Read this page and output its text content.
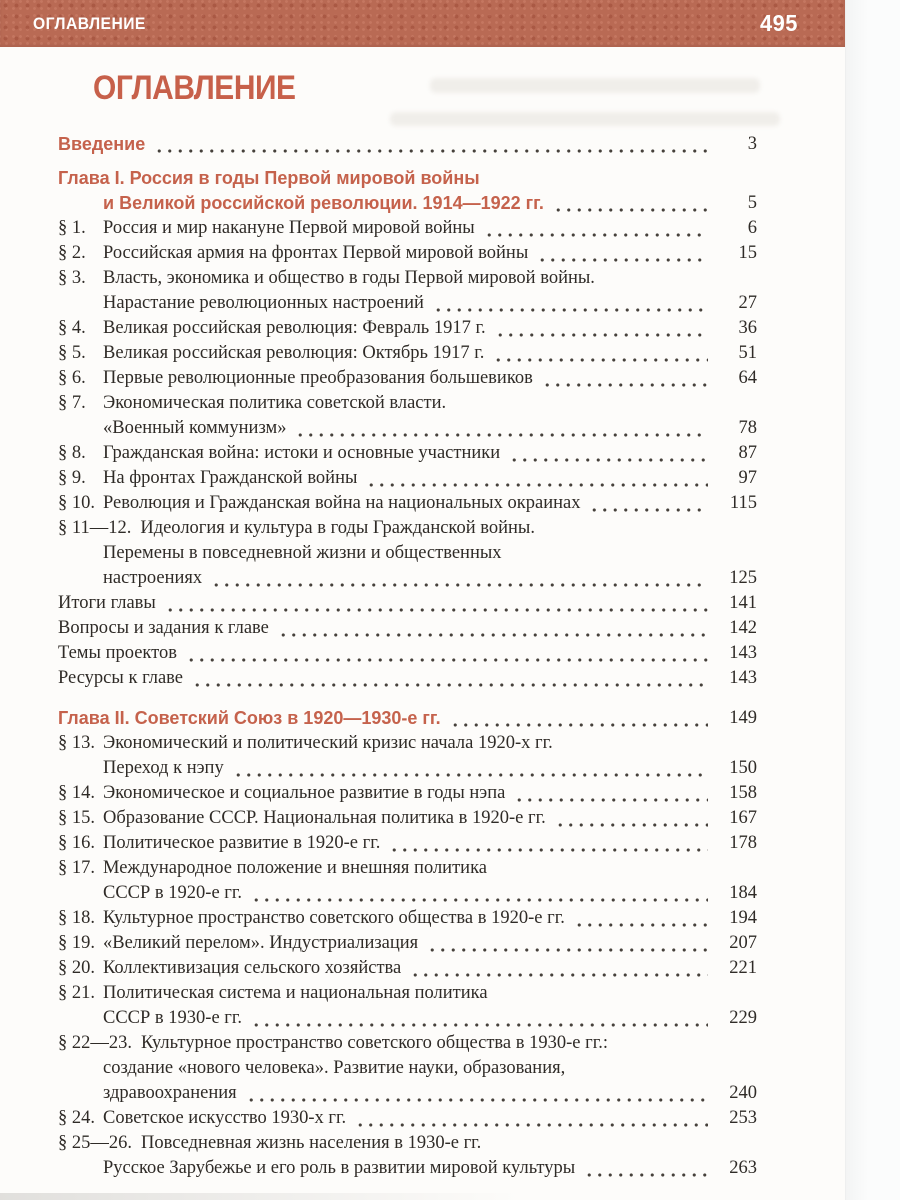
ОГЛАВЛЕНИЕ	495
ОГЛАВЛЕНИЕ
Введение	3
Глава I. Россия в годы Первой мировой войны
и Великой российской революции. 1914—1922 гг.	5
§ 1. Россия и мир накануне Первой мировой войны	6
§ 2. Российская армия на фронтах Первой мировой войны	15
§ 3. Власть, экономика и общество в годы Первой мировой войны.
Нарастание революционных настроений	27
§ 4. Великая российская революция: Февраль 1917 г.	36
§ 5. Великая российская революция: Октябрь 1917 г.	51
§ 6. Первые революционные преобразования большевиков	64
§ 7. Экономическая политика советской власти.
«Военный коммунизм»	78
§ 8. Гражданская война: истоки и основные участники	87
§ 9. На фронтах Гражданской войны	97
§ 10. Революция и Гражданская война на национальных окраинах	115
§ 11—12. Идеология и культура в годы Гражданской войны.
Перемены в повседневной жизни и общественных
настроениях	125
Итоги главы	141
Вопросы и задания к главе	142
Темы проектов	143
Ресурсы к главе	143
Глава II. Советский Союз в 1920—1930-е гг.	149
§ 13. Экономический и политический кризис начала 1920-х гг.
Переход к нэпу	150
§ 14. Экономическое и социальное развитие в годы нэпа	158
§ 15. Образование СССР. Национальная политика в 1920-е гг.	167
§ 16. Политическое развитие в 1920-е гг.	178
§ 17. Международное положение и внешняя политика
СССР в 1920-е гг.	184
§ 18. Культурное пространство советского общества в 1920-е гг.	194
§ 19. «Великий перелом». Индустриализация	207
§ 20. Коллективизация сельского хозяйства	221
§ 21. Политическая система и национальная политика
СССР в 1930-е гг.	229
§ 22—23. Культурное пространство советского общества в 1930-е гг.:
создание «нового человека». Развитие науки, образования,
здравоохранения	240
§ 24. Советское искусство 1930-х гг.	253
§ 25—26. Повседневная жизнь населения в 1930-е гг.
Русское Зарубежье и его роль в развитии мировой культуры	263
